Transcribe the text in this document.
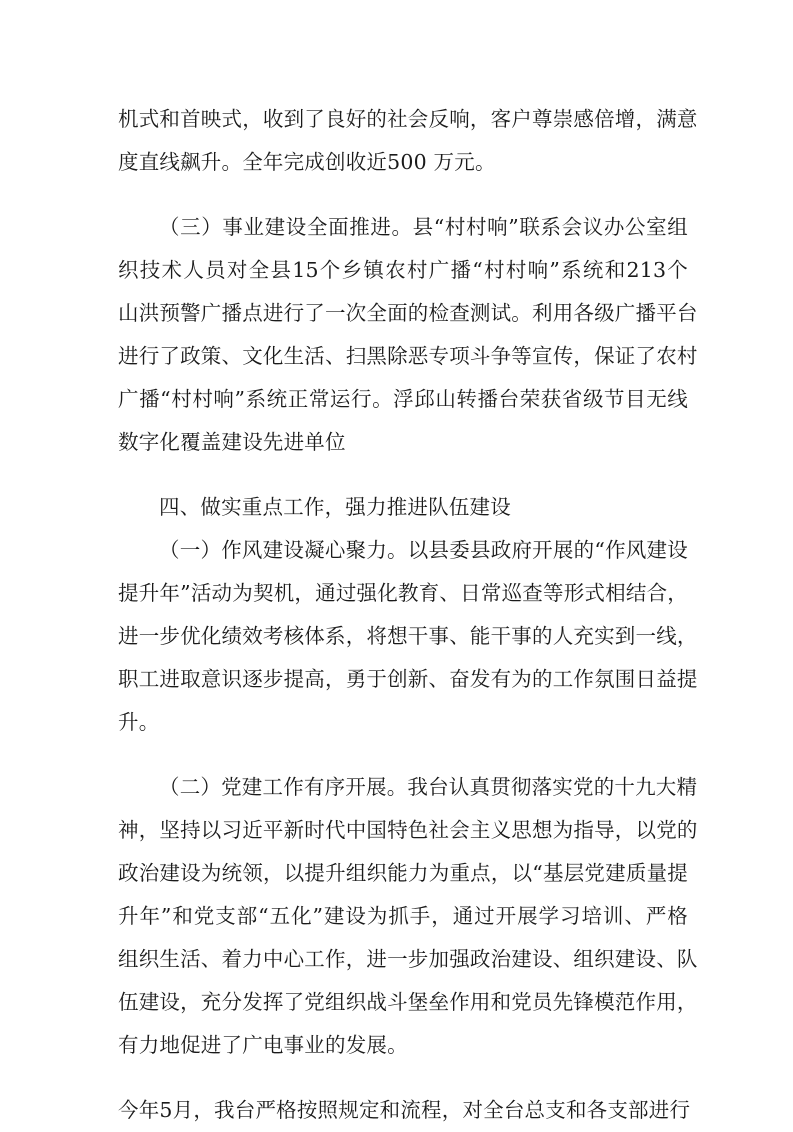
机式和首映式，收到了良好的社会反响，客户尊崇感倍增，满意
度直线飙升。全年完成创收近500 万元。
（三）事业建设全面推进。县“村村响”联系会议办公室组
织技术人员对全县15个乡镇农村广播“村村响”系统和213个
山洪预警广播点进行了一次全面的检查测试。利用各级广播平台
进行了政策、文化生活、扫黑除恶专项斗争等宣传，保证了农村
广播“村村响”系统正常运行。浮邱山转播台荣获省级节目无线
数字化覆盖建设先进单位
四、做实重点工作，强力推进队伍建设
（一）作风建设凝心聚力。以县委县政府开展的“作风建设
提升年”活动为契机，通过强化教育、日常巡查等形式相结合，
进一步优化绩效考核体系，将想干事、能干事的人充实到一线，
职工进取意识逐步提高，勇于创新、奋发有为的工作氛围日益提
升。
（二）党建工作有序开展。我台认真贯彻落实党的十九大精
神，坚持以习近平新时代中国特色社会主义思想为指导，以党的
政治建设为统领，以提升组织能力为重点，以“基层党建质量提
升年”和党支部“五化”建设为抓手，通过开展学习培训、严格
组织生活、着力中心工作，进一步加强政治建设、组织建设、队
伍建设，充分发挥了党组织战斗堡垒作用和党员先锋模范作用，
有力地促进了广电事业的发展。
今年5月，我台严格按照规定和流程，对全台总支和各支部进行
